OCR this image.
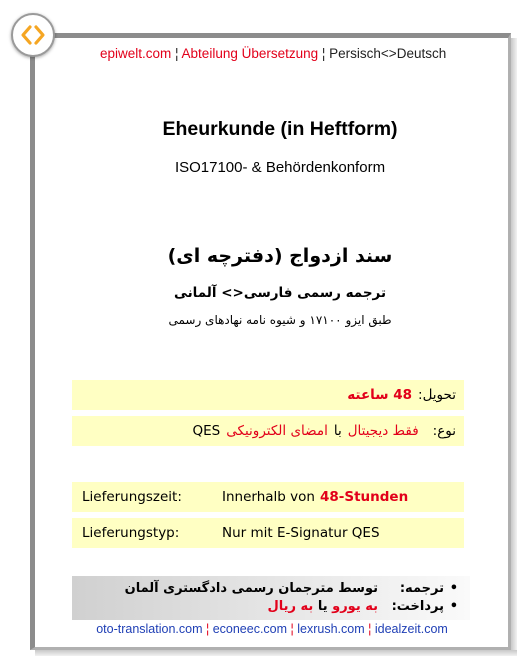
epiwelt.com ¦ Abteilung Übersetzung ¦ Persisch<>Deutsch
Eheurkunde (in Heftform)
ISO17100- & Behördenkonform
سند ازدواج (دفترچه ای)
ترجمه رسمی فارسی<> آلمانی
طبق ایزو ۱۷۱۰۰ و شیوه نامه نهادهای رسمی
تحویل:
48 ساعته
نوع:
فقط دیجیتال
با
امضای الکترونیکی
QES
Lieferungszeit:	Innerhalb von 48-Stunden
Lieferungstyp:	Nur mit E-Signatur QES
•ترجمه:توسط مترجمان رسمی دادگستری آلمان
•پرداخت:به یورو یا به ریال
oto-translation.com ¦ econeec.com ¦ lexrush.com ¦ idealzeit.com
